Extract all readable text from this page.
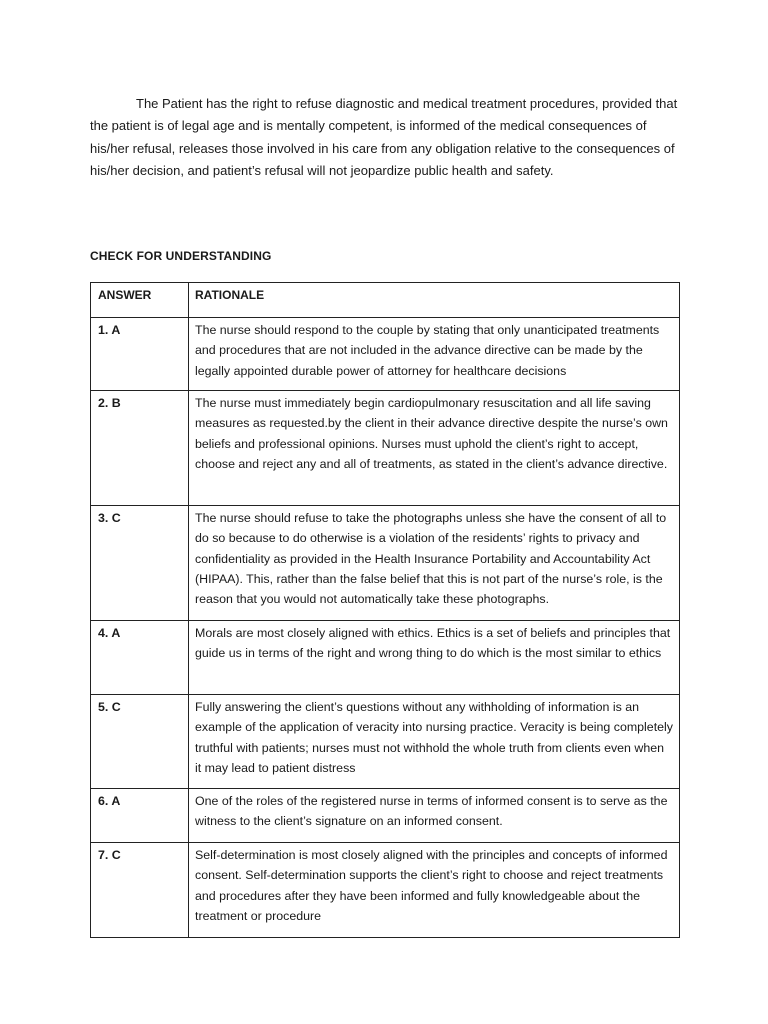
The Patient has the right to refuse diagnostic and medical treatment procedures, provided that the patient is of legal age and is mentally competent, is informed of the medical consequences of his/her refusal, releases those involved in his care from any obligation relative to the consequences of his/her decision, and patient’s refusal will not jeopardize public health and safety.

CHECK FOR UNDERSTANDING

ANSWER	RATIONALE

1. A	The nurse should respond to the couple by stating that only unanticipated treatments and procedures that are not included in the advance directive can be made by the legally appointed durable power of attorney for healthcare decisions

2. B	The nurse must immediately begin cardiopulmonary resuscitation and all life saving measures as requested.by the client in their advance directive despite the nurse’s own beliefs and professional opinions. Nurses must uphold the client’s right to accept, choose and reject any and all of treatments, as stated in the client’s advance directive.

3. C	The nurse should refuse to take the photographs unless she have the consent of all to do so because to do otherwise is a violation of the residents’ rights to privacy and confidentiality as provided in the Health Insurance Portability and Accountability Act (HIPAA). This, rather than the false belief that this is not part of the nurse’s role, is the reason that you would not automatically take these photographs.

4. A	Morals are most closely aligned with ethics. Ethics is a set of beliefs and principles that guide us in terms of the right and wrong thing to do which is the most similar to ethics

5. C	Fully answering the client’s questions without any withholding of information is an example of the application of veracity into nursing practice. Veracity is being completely truthful with patients; nurses must not withhold the whole truth from clients even when it may lead to patient distress

6. A	One of the roles of the registered nurse in terms of informed consent is to serve as the witness to the client’s signature on an informed consent.

7. C	Self-determination is most closely aligned with the principles and concepts of informed consent. Self-determination supports the client’s right to choose and reject treatments and procedures after they have been informed and fully knowledgeable about the treatment or procedure
